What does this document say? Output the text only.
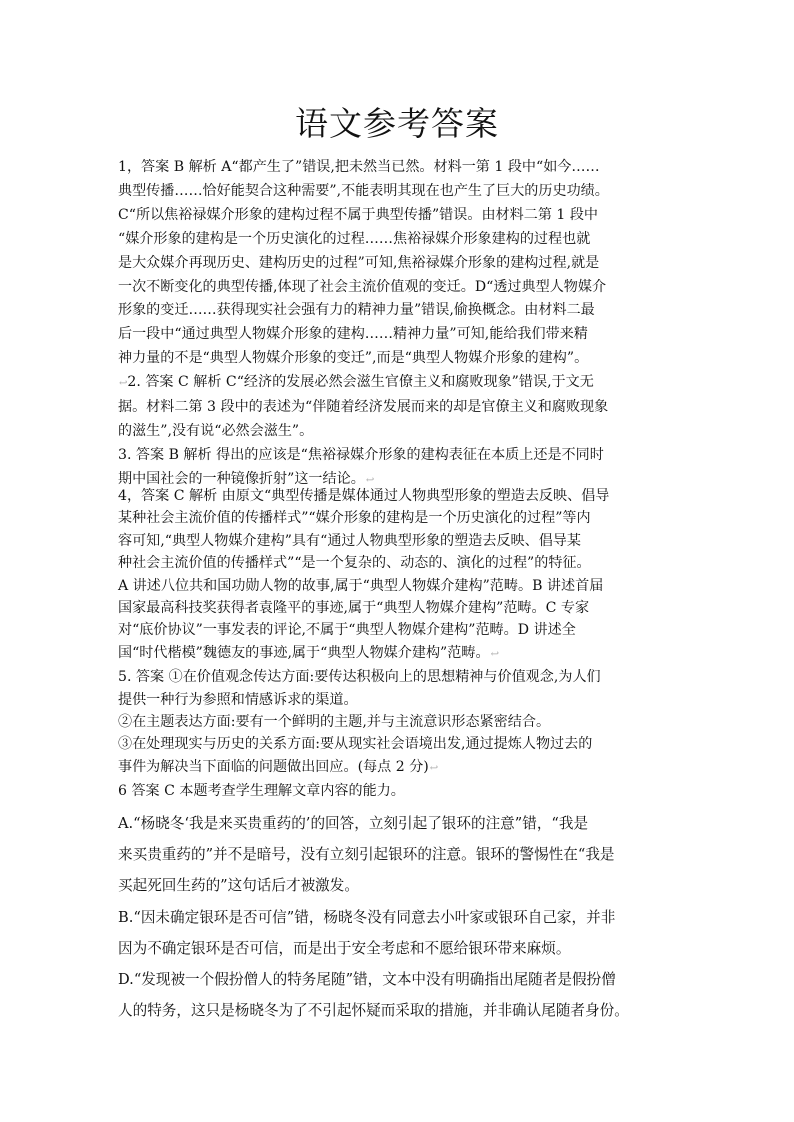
语文参考答案
1，答案 B 解析 A“都产生了”错误,把未然当已然。材料一第 1 段中“如今……
典型传播……恰好能契合这种需要”,不能表明其现在也产生了巨大的历史功绩。
C“所以焦裕禄媒介形象的建构过程不属于典型传播”错误。由材料二第 1 段中
“媒介形象的建构是一个历史演化的过程……焦裕禄媒介形象建构的过程也就
是大众媒介再现历史、建构历史的过程”可知,焦裕禄媒介形象的建构过程,就是
一次不断变化的典型传播,体现了社会主流价值观的变迁。D“透过典型人物媒介
形象的变迁……获得现实社会强有力的精神力量”错误,偷换概念。由材料二最
后一段中“通过典型人物媒介形象的建构……精神力量”可知,能给我们带来精
神力量的不是“典型人物媒介形象的变迁”,而是“典型人物媒介形象的建构”。
↩2. 答案 C 解析 C“经济的发展必然会滋生官僚主义和腐败现象”错误,于文无
据。材料二第 3 段中的表述为“伴随着经济发展而来的却是官僚主义和腐败现象
的滋生”,没有说“必然会滋生”。
3. 答案 B 解析 得出的应该是“焦裕禄媒介形象的建构表征在本质上还是不同时
期中国社会的一种镜像折射”这一结论。↩
4，答案 C 解析 由原文“典型传播是媒体通过人物典型形象的塑造去反映、倡导
某种社会主流价值的传播样式”“媒介形象的建构是一个历史演化的过程”等内
容可知,“典型人物媒介建构”具有“通过人物典型形象的塑造去反映、倡导某
种社会主流价值的传播样式”“是一个复杂的、动态的、演化的过程”的特征。
A 讲述八位共和国功勋人物的故事,属于“典型人物媒介建构”范畴。B 讲述首届
国家最高科技奖获得者袁隆平的事迹,属于“典型人物媒介建构”范畴。C 专家
对“底价协议”一事发表的评论,不属于“典型人物媒介建构”范畴。D 讲述全
国“时代楷模”魏德友的事迹,属于“典型人物媒介建构”范畴。↩
5. 答案 ①在价值观念传达方面:要传达积极向上的思想精神与价值观念,为人们
提供一种行为参照和情感诉求的渠道。
②在主题表达方面:要有一个鲜明的主题,并与主流意识形态紧密结合。
③在处理现实与历史的关系方面:要从现实社会语境出发,通过提炼人物过去的
事件为解决当下面临的问题做出回应。(每点 2 分)↩
6 答案 C 本题考查学生理解文章内容的能力。
A.“杨晓冬‘我是来买贵重药的’的回答，立刻引起了银环的注意”错，“我是
来买贵重药的”并不是暗号，没有立刻引起银环的注意。银环的警惕性在“我是
买起死回生药的”这句话后才被激发。
B.“因未确定银环是否可信”错，杨晓冬没有同意去小叶家或银环自己家，并非
因为不确定银环是否可信，而是出于安全考虑和不愿给银环带来麻烦。
D.“发现被一个假扮僧人的特务尾随”错，文本中没有明确指出尾随者是假扮僧
人的特务，这只是杨晓冬为了不引起怀疑而采取的措施，并非确认尾随者身份。
